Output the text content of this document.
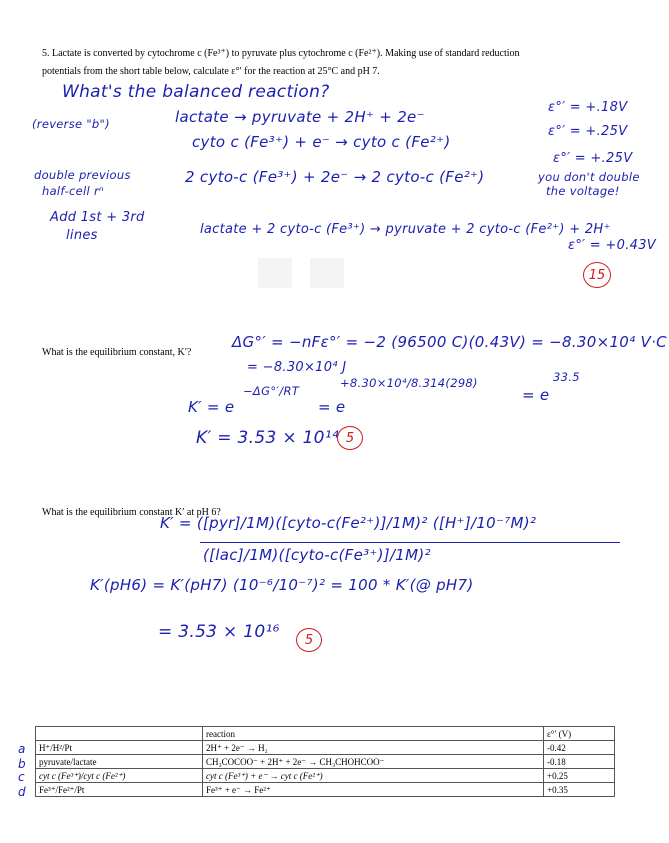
5. Lactate is converted by cytochrome c (Fe³⁺) to pyruvate plus cytochrome c (Fe²⁺). Making use of standard reduction
potentials from the short table below, calculate ε°′ for the reaction at 25°C and pH 7.
What's the balanced reaction?
(reverse "b")	lactate → pyruvate + 2H⁺ + 2e⁻
ε°′ = +.18V
cyto c (Fe³⁺) + e⁻ → cyto c (Fe²⁺)
ε°′ = +.25V
double previous
half-cell rⁿ
2 cyto-c (Fe³⁺) + 2e⁻ → 2 cyto-c (Fe²⁺)
ε°′ = +.25V
you don't double
the voltage!
Add 1st + 3rd
lines	lactate + 2 cyto-c (Fe³⁺) → pyruvate + 2 cyto-c (Fe²⁺) + 2H⁺
ε°′ = +0.43V
15
What is the equilibrium constant, K′?
ΔG°′ = −nFε°′ = −2 (96500 C)(0.43V) = −8.30×10⁴ V·C
= −8.30×10⁴ J
K′ = e
−ΔG°′/RT
= e
+8.30×10⁴/8.314(298)
= e
33.5
K′ = 3.53 × 10¹⁴ 5
What is the equilibrium constant K′ at pH 6?
K′ = ([pyr]/1M)([cyto-c(Fe²⁺)]/1M)² ([H⁺]/10⁻⁷M)²
([lac]/1M)([cyto-c(Fe³⁺)]/1M)²
K′(pH6) = K′(pH7) (10⁻⁶/10⁻⁷)² = 100 * K′(@ pH7)
= 3.53 × 10¹⁶	5
a
b
c
d
	reaction	ε°′ (V)
H⁺/H²/Pt	2H⁺ + 2e⁻ → H₂	-0.42
pyruvate/lactate	CH₃COCOO⁻ + 2H⁺ + 2e⁻ → CH₃CHOHCOO⁻	-0.18
cyt c (Fe³⁺)/cyt c (Fe²⁺)	cyt c (Fe³⁺) + e⁻ → cyt c (Fe²⁺)	+0.25
Fe³⁺/Fe²⁺/Pt	Fe³⁺ + e⁻ → Fe²⁺	+0.35
